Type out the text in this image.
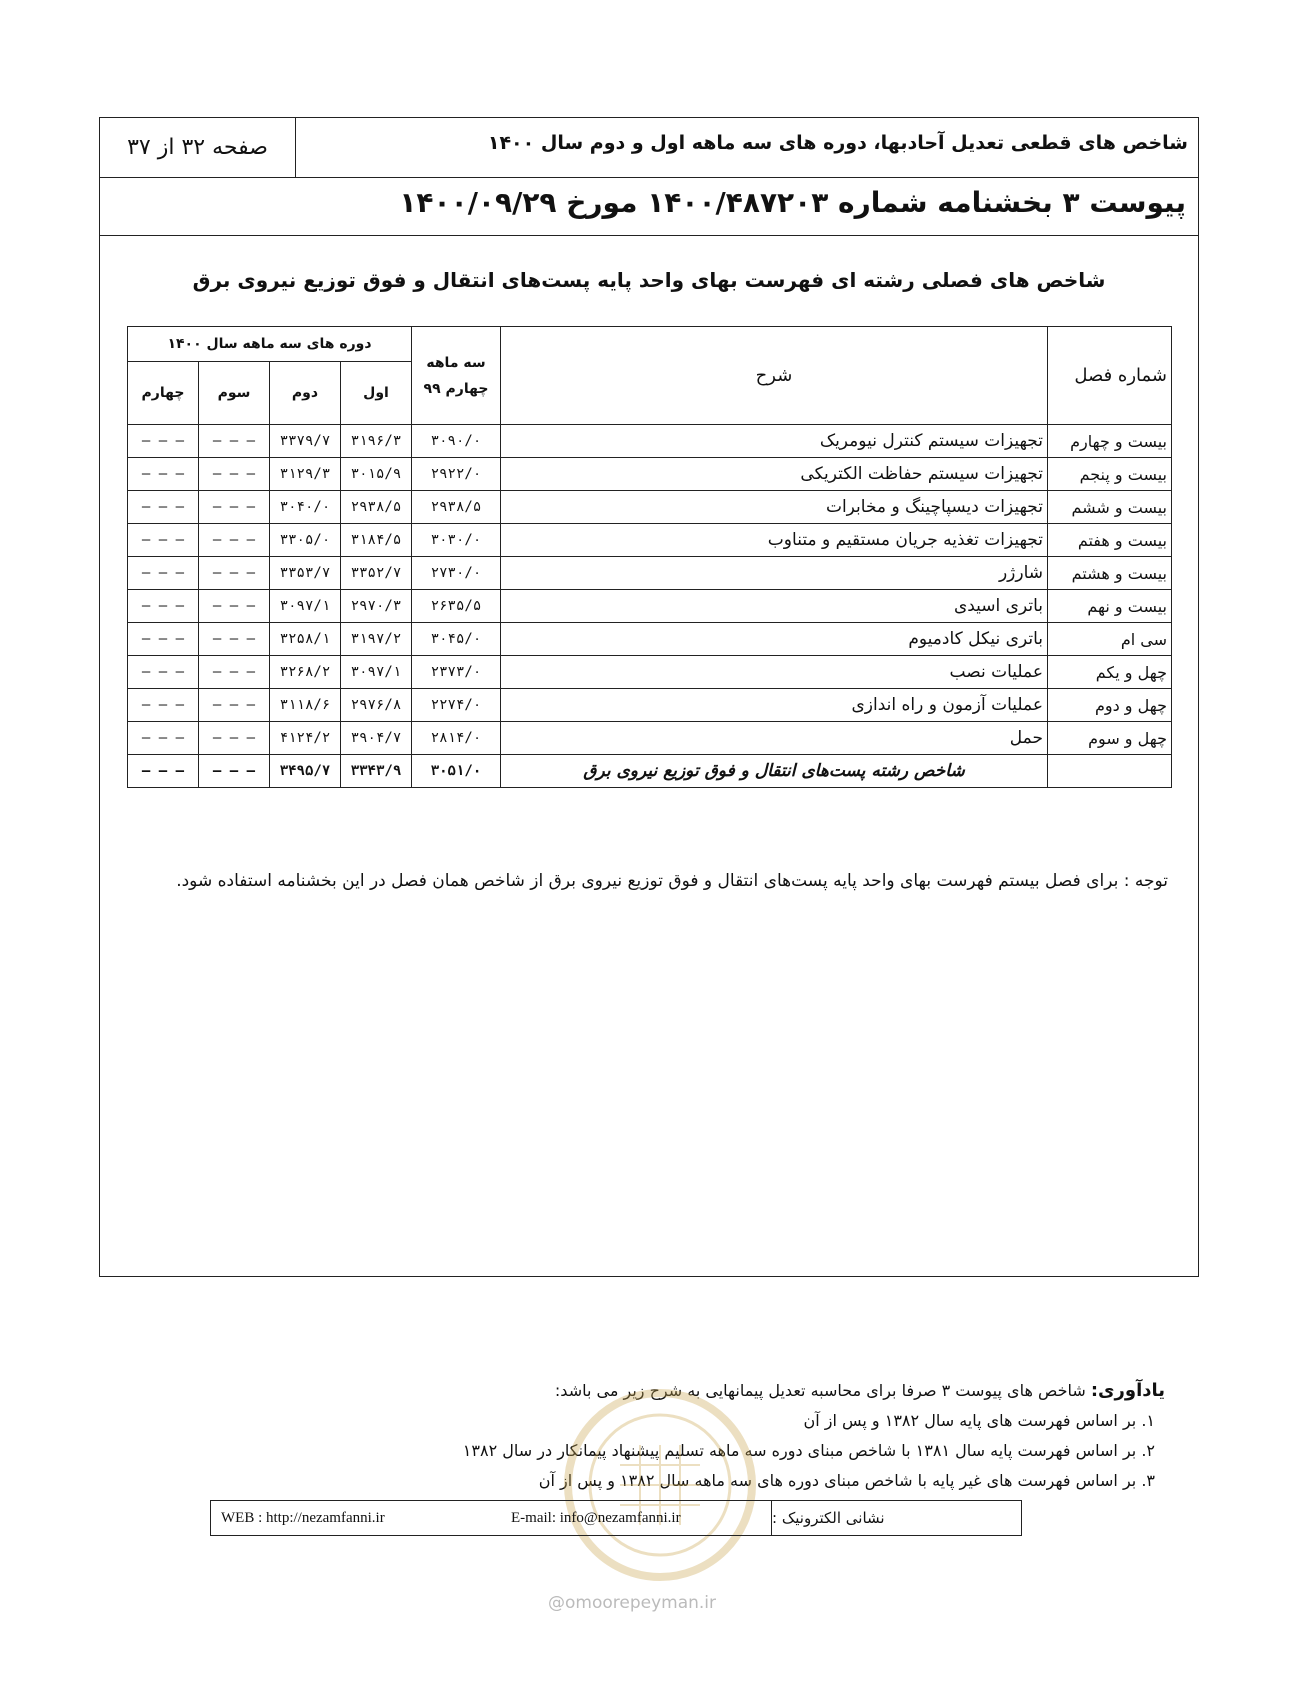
شاخص های قطعی تعدیل آحادبها، دوره های سه ماهه اول و دوم سال ۱۴۰۰
صفحه ۳۲ از ۳۷
پیوست ۳ بخشنامه شماره ۱۴۰۰/۴۸۷۲۰۳ مورخ ۱۴۰۰/۰۹/۲۹
شاخص های فصلی رشته ای فهرست بهای واحد پایه پست‌های انتقال و فوق توزیع نیروی برق
شماره فصل	شرح	سه ماهه
چهارم ۹۹	دوره های سه ماهه سال ۱۴۰۰			
			اول	دوم	سوم	چهارم
بیست و چهارم	تجهیزات سیستم کنترل نیومریک	۳۰۹۰/۰	۳۱۹۶/۳	۳۳۷۹/۷	– – –	– – –
بیست و پنجم	تجهیزات سیستم حفاظت الکتریکی	۲۹۲۲/۰	۳۰۱۵/۹	۳۱۲۹/۳	– – –	– – –
بیست و ششم	تجهیزات دیسپاچینگ و مخابرات	۲۹۳۸/۵	۲۹۳۸/۵	۳۰۴۰/۰	– – –	– – –
بیست و هفتم	تجهیزات تغذیه جریان مستقیم و متناوب	۳۰۳۰/۰	۳۱۸۴/۵	۳۳۰۵/۰	– – –	– – –
بیست و هشتم	شارژر	۲۷۳۰/۰	۳۳۵۲/۷	۳۳۵۳/۷	– – –	– – –
بیست و نهم	باتری اسیدی	۲۶۳۵/۵	۲۹۷۰/۳	۳۰۹۷/۱	– – –	– – –
سی ام	باتری نیکل کادمیوم	۳۰۴۵/۰	۳۱۹۷/۲	۳۲۵۸/۱	– – –	– – –
چهل و یکم	عملیات نصب	۲۳۷۳/۰	۳۰۹۷/۱	۳۲۶۸/۲	– – –	– – –
چهل و دوم	عملیات آزمون و راه اندازی	۲۲۷۴/۰	۲۹۷۶/۸	۳۱۱۸/۶	– – –	– – –
چهل و سوم	حمل	۲۸۱۴/۰	۳۹۰۴/۷	۴۱۲۴/۲	– – –	– – –
	شاخص رشته پست‌های انتقال و فوق توزیع نیروی برق	۳۰۵۱/۰	۳۳۴۳/۹	۳۴۹۵/۷	– – –	– – –
توجه : برای فصل بیستم فهرست بهای واحد پایه پست‌های انتقال و فوق توزیع نیروی برق از شاخص همان فصل در این بخشنامه استفاده شود.
یادآوری: شاخص های پیوست ۳ صرفا برای محاسبه تعدیل پیمانهایی به شرح زیر می باشد:
۱. بر اساس فهرست های پایه سال ۱۳۸۲ و پس از آن
۲. بر اساس فهرست پایه سال ۱۳۸۱ با شاخص مبنای دوره سه ماهه تسلیم پیشنهاد پیمانکار در سال ۱۳۸۲
۳. بر اساس فهرست های غیر پایه با شاخص مبنای دوره های سه ماهه سال ۱۳۸۲ و پس از آن
WEB : http://nezamfanni.ir	E-mail: info@nezamfanni.ir	نشانی الکترونیک :
@omoorepeyman.ir
